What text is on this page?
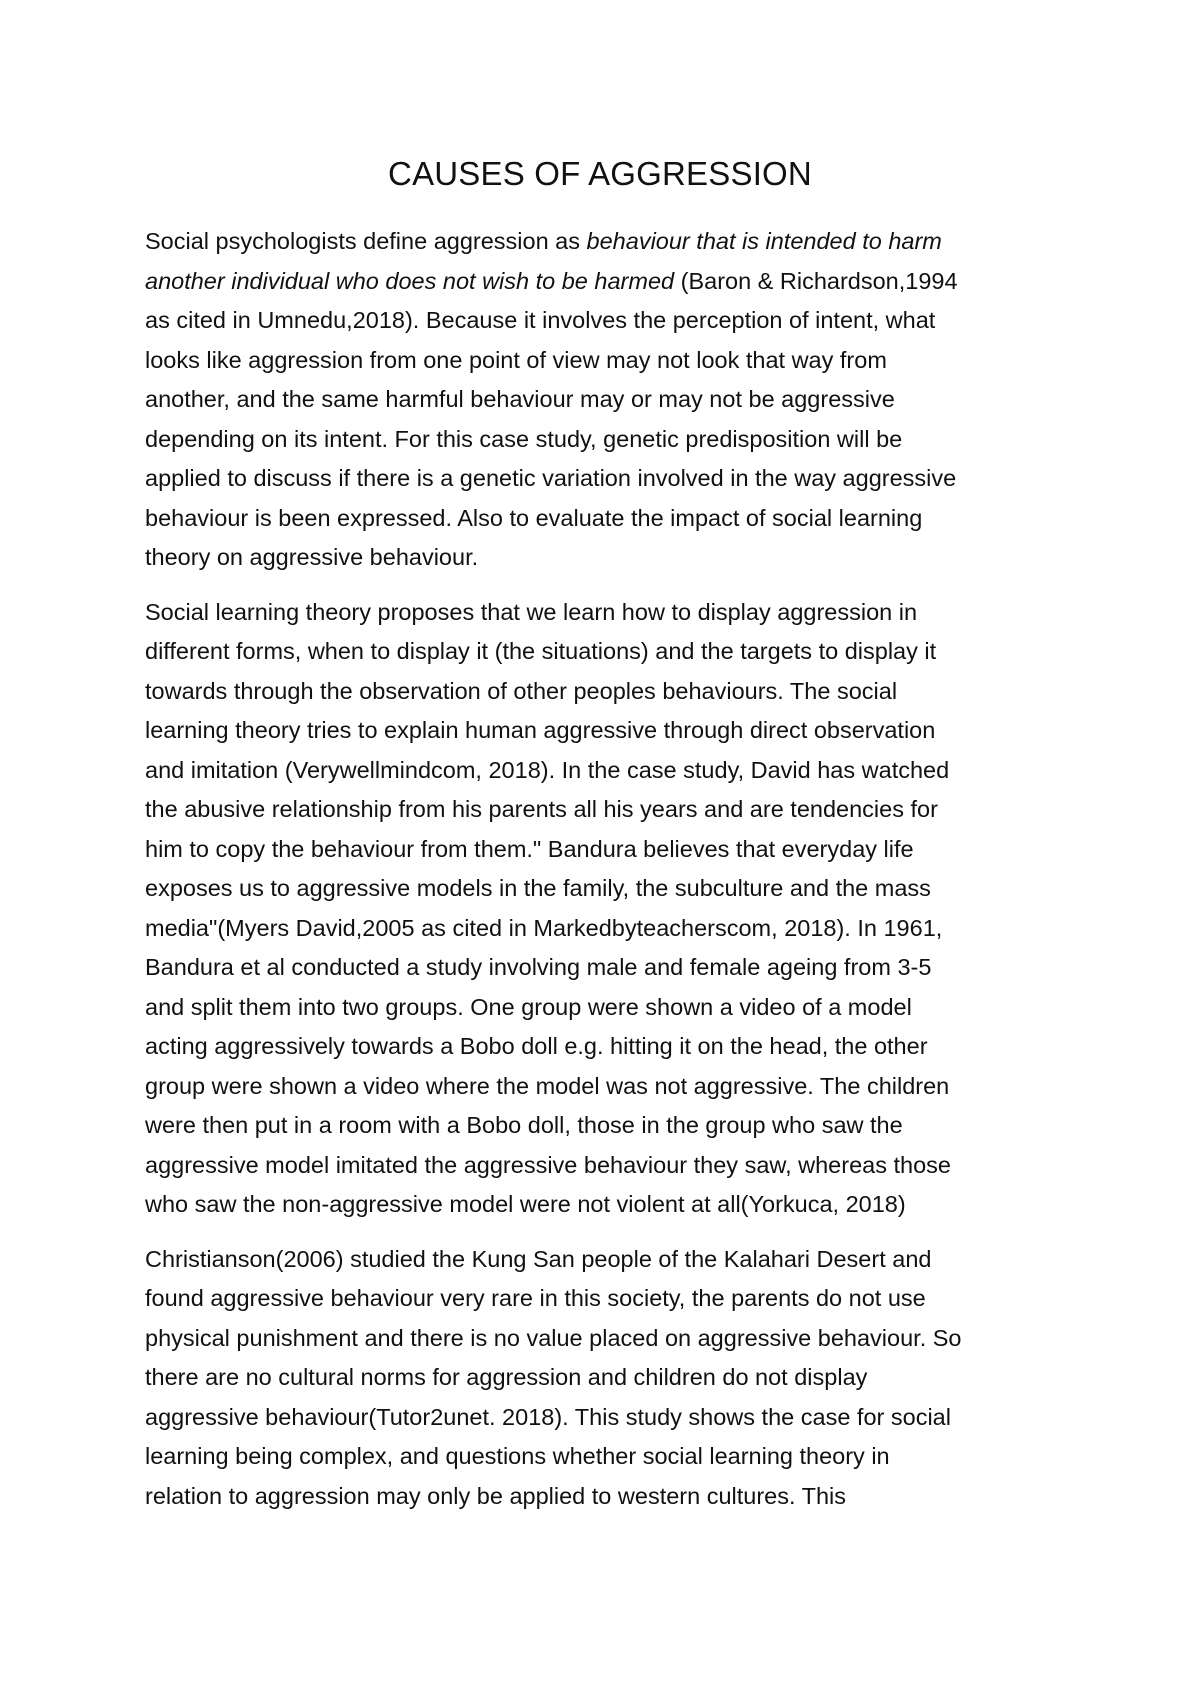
CAUSES OF AGGRESSION

Social psychologists define aggression as behaviour that is intended to harm
another individual who does not wish to be harmed (Baron & Richardson,1994
as cited in Umnedu,2018). Because it involves the perception of intent, what
looks like aggression from one point of view may not look that way from
another, and the same harmful behaviour may or may not be aggressive
depending on its intent. For this case study, genetic predisposition will be
applied to discuss if there is a genetic variation involved in the way aggressive
behaviour is been expressed. Also to evaluate the impact of social learning
theory on aggressive behaviour.

Social learning theory proposes that we learn how to display aggression in
different forms, when to display it (the situations) and the targets to display it
towards through the observation of other peoples behaviours. The social
learning theory tries to explain human aggressive through direct observation
and imitation (Verywellmindcom, 2018). In the case study, David has watched
the abusive relationship from his parents all his years and are tendencies for
him to copy the behaviour from them." Bandura believes that everyday life
exposes us to aggressive models in the family, the subculture and the mass
media"(Myers David,2005 as cited in Markedbyteacherscom, 2018). In 1961,
Bandura et al conducted a study involving male and female ageing from 3-5
and split them into two groups. One group were shown a video of a model
acting aggressively towards a Bobo doll e.g. hitting it on the head, the other
group were shown a video where the model was not aggressive. The children
were then put in a room with a Bobo doll, those in the group who saw the
aggressive model imitated the aggressive behaviour they saw, whereas those
who saw the non-aggressive model were not violent at all(Yorkuca, 2018)

Christianson(2006) studied the Kung San people of the Kalahari Desert and
found aggressive behaviour very rare in this society, the parents do not use
physical punishment and there is no value placed on aggressive behaviour. So
there are no cultural norms for aggression and children do not display
aggressive behaviour(Tutor2unet. 2018). This study shows the case for social
learning being complex, and questions whether social learning theory in
relation to aggression may only be applied to western cultures. This
